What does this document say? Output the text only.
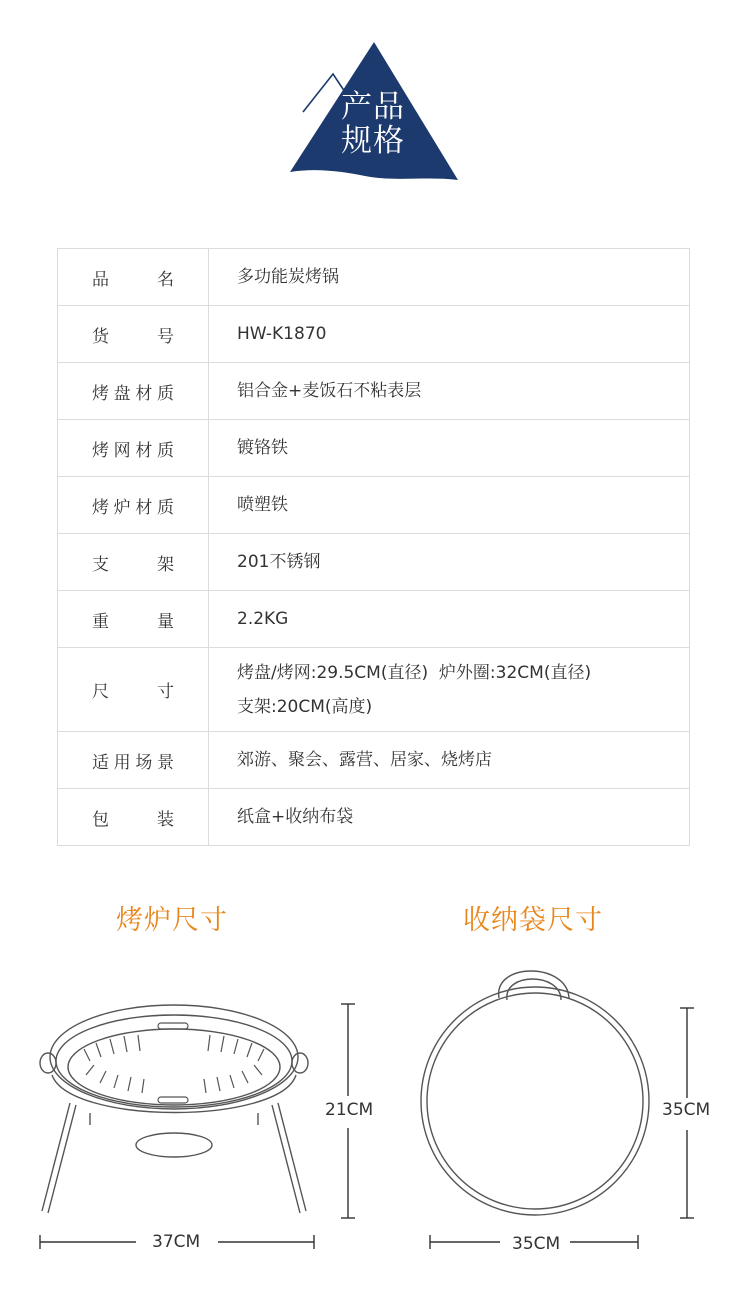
产品
规格
品名	多功能炭烤锅
货号	HW-K1870
烤盘材质	铝合金+麦饭石不粘表层
烤网材质	镀铬铁
烤炉材质	喷塑铁
支架	201不锈钢
重量	2.2KG
尺寸	烤盘/烤网:29.5CM(直径)  炉外圈:32CM(直径)
支架:20CM(高度)

适用场景	郊游、聚会、露营、居家、烧烤店
包装	纸盒+收纳布袋
烤炉尺寸	收纳袋尺寸
21CM
37CM
35CM
35CM
